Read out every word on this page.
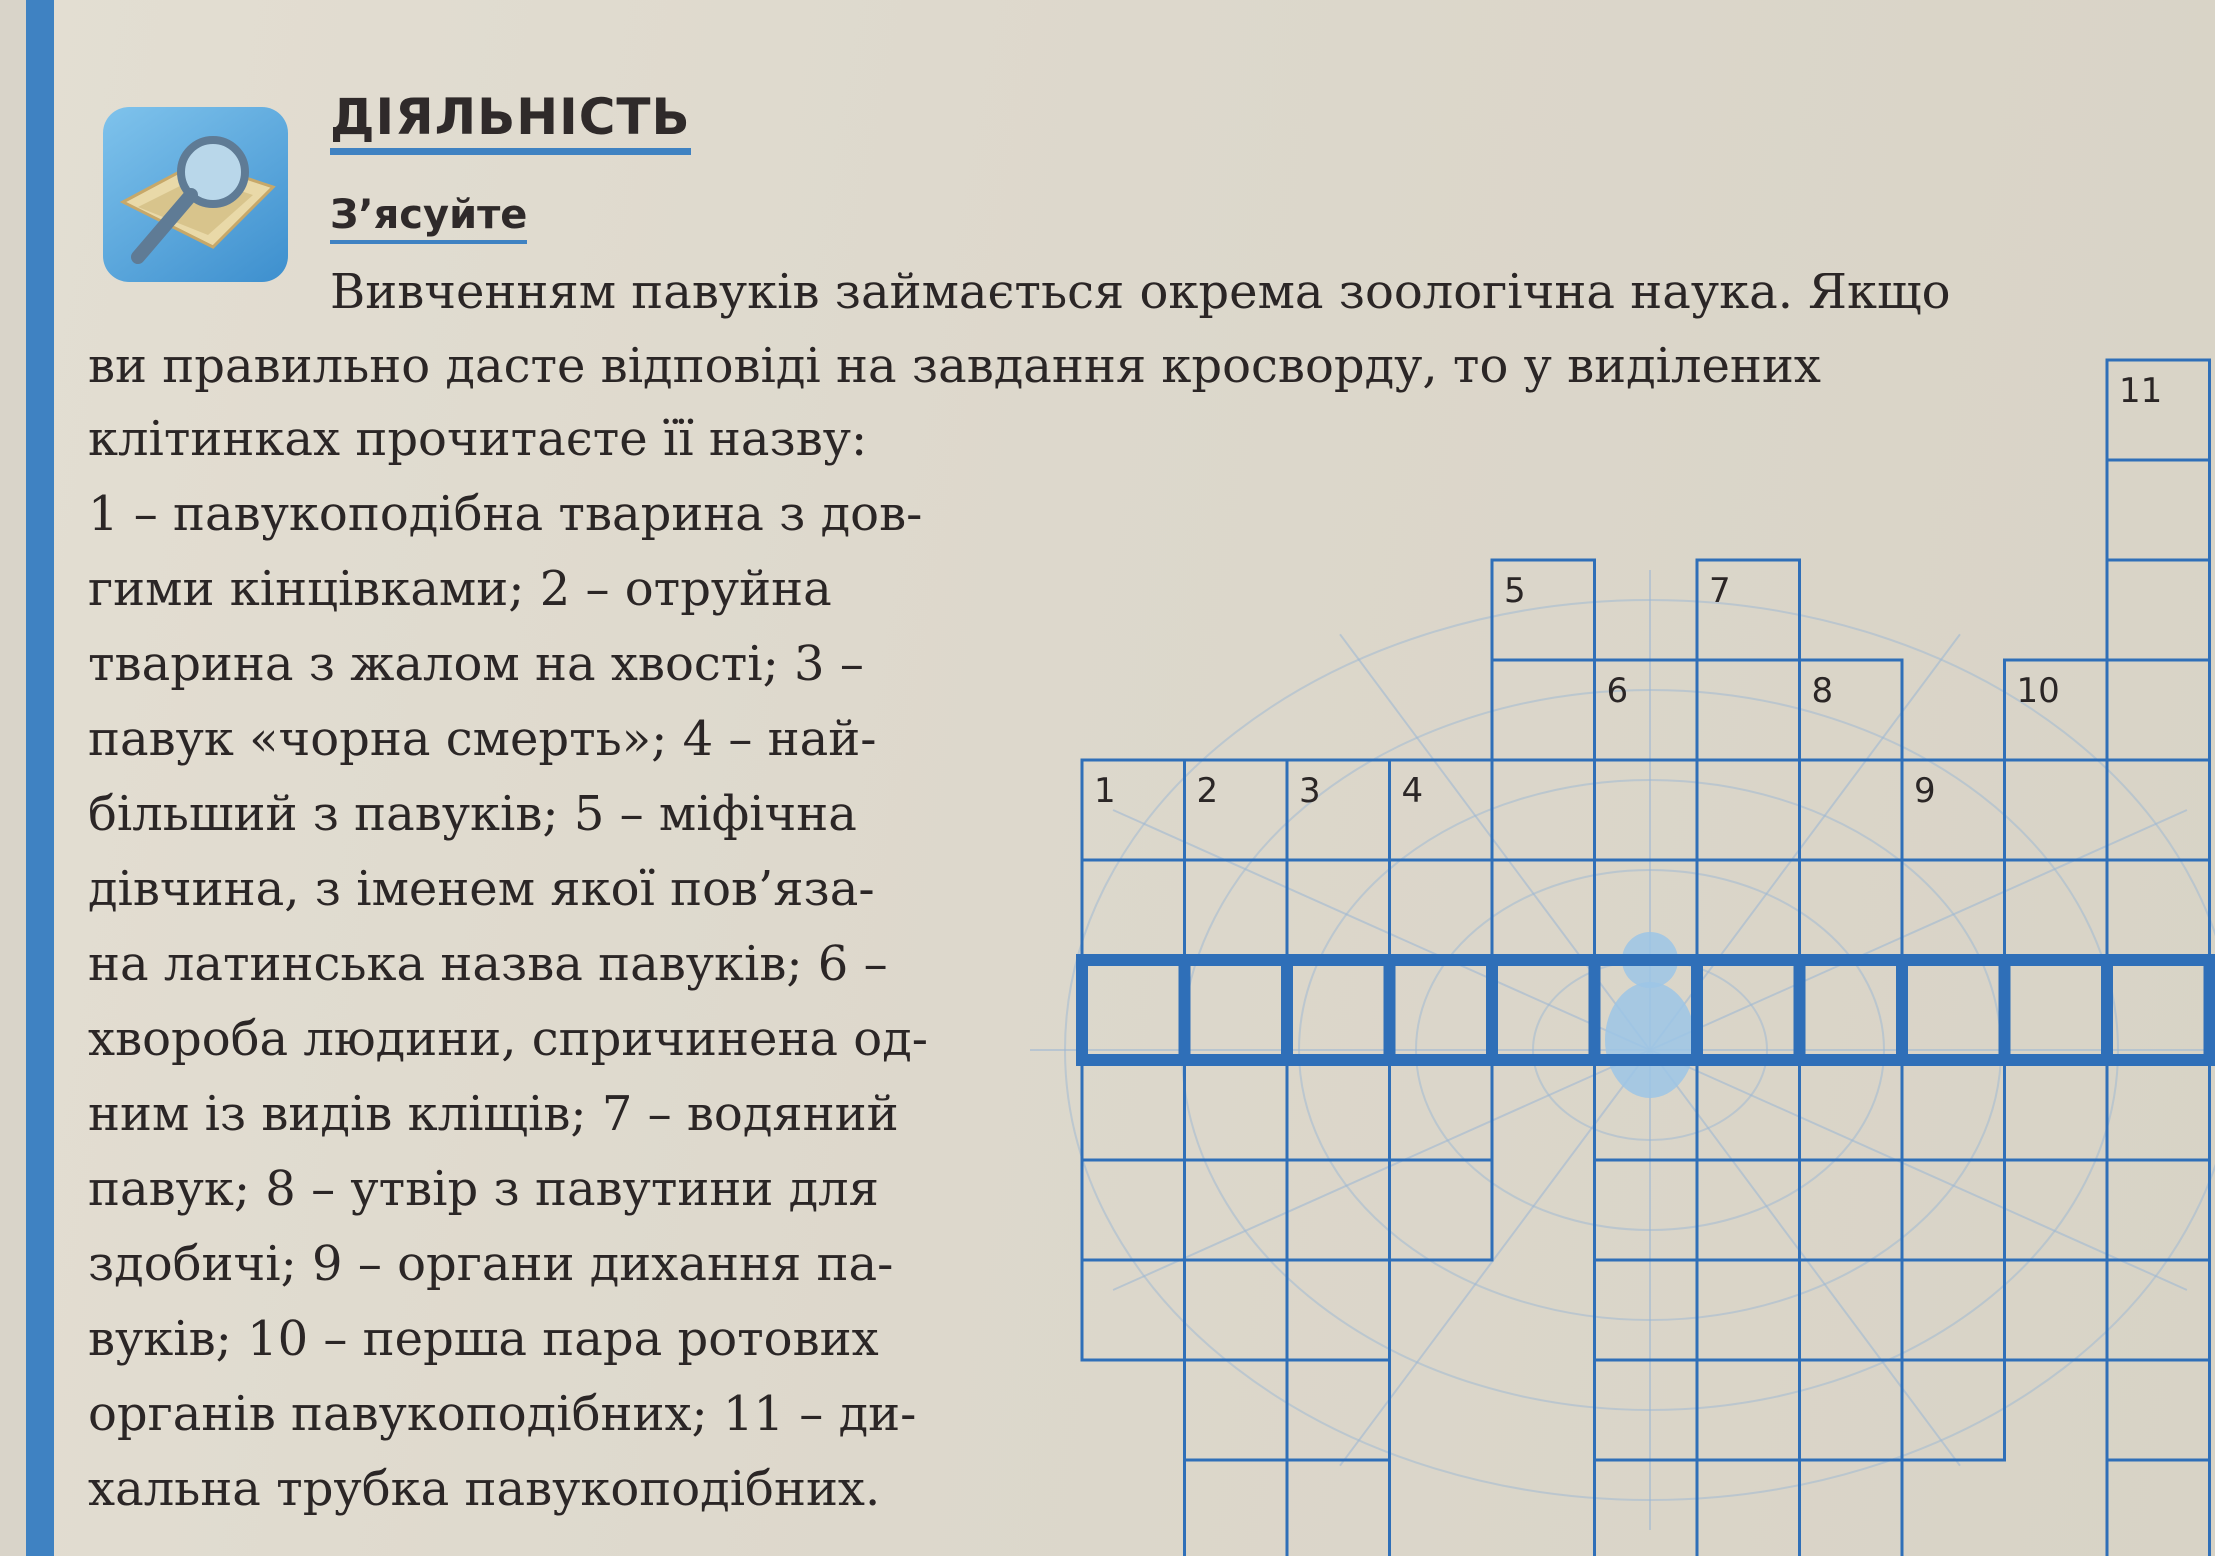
ДІЯЛЬНІСТЬ
З’ясуйте
Вивченням павуків займається окрема зоологічна наука. Якщо
ви правильно дасте відповіді на завдання кросворду, то у виділених
клітинках прочитаєте її назву:
1 – павукоподібна тварина з дов-
гими кінцівками; 2 – отруйна
тварина з жалом на хвості; 3 –
павук «чорна смерть»; 4 – най-
більший з павуків; 5 – міфічна
дівчина, з іменем якої пов’яза-
на латинська назва павуків; 6 –
хвороба людини, спричинена од-
ним із видів кліщів; 7 – водяний
павук; 8 – утвір з павутини для
здобичі; 9 – органи дихання па-
вуків; 10 – перша пара ротових
органів павукоподібних; 11 – ди-
хальна трубка павукоподібних.
1 2 3 4
5
6
7
8
9
10
11
